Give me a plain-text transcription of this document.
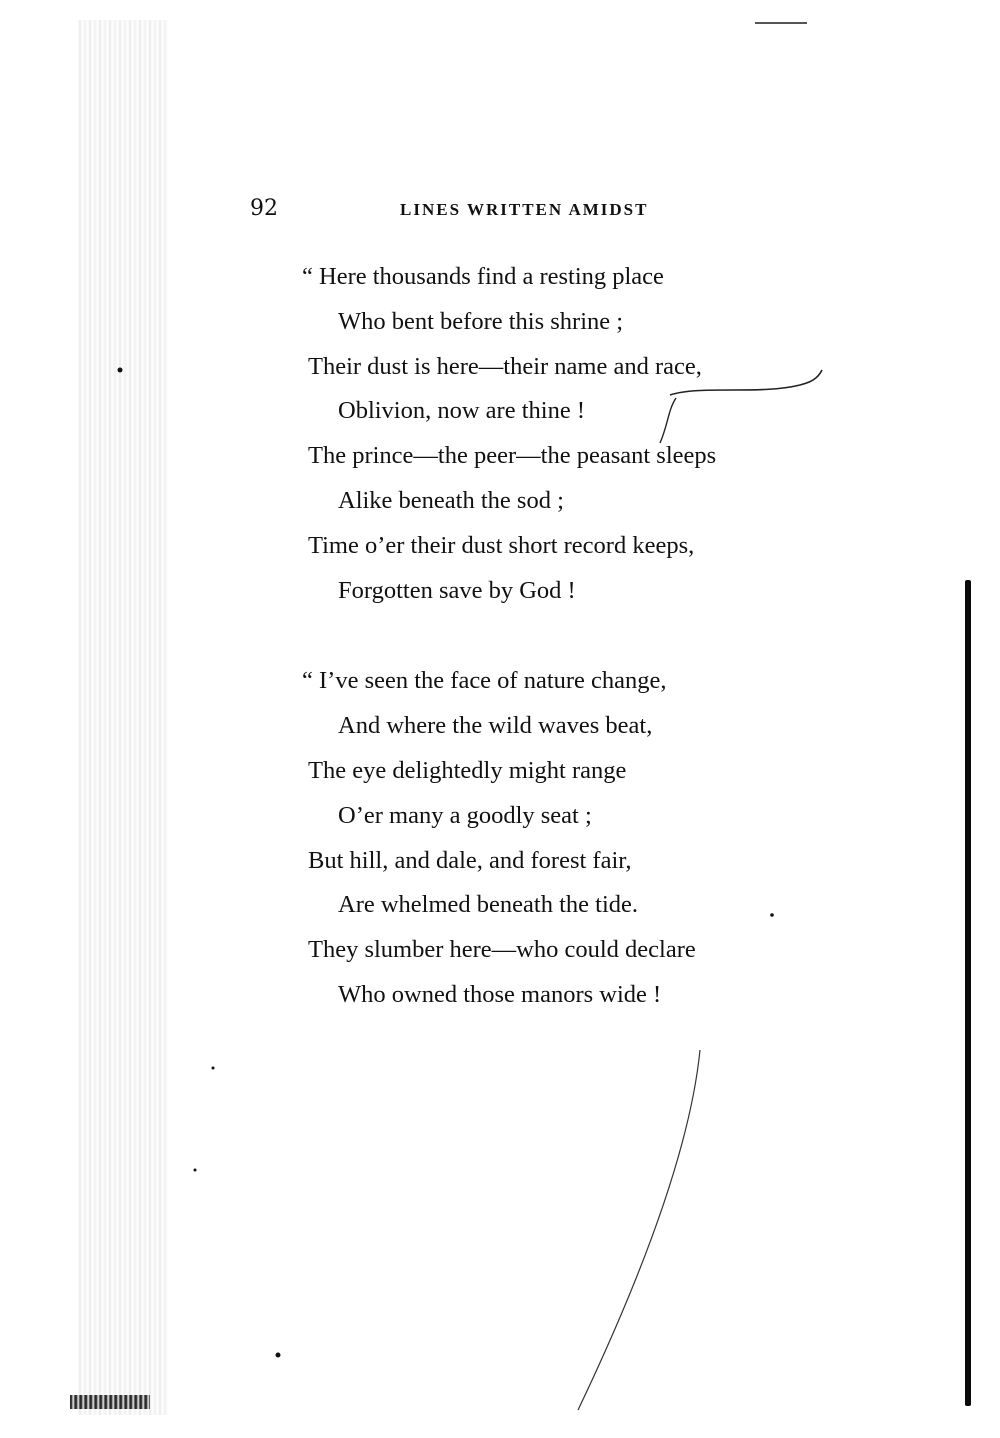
92	LINES WRITTEN AMIDST
“ Here thousands find a resting place
Who bent before this shrine ;
Their dust is here—their name and race,
Oblivion, now are thine !
The prince—the peer—the peasant sleeps
Alike beneath the sod ;
Time o’er their dust short record keeps,
Forgotten save by God !
“ I’ve seen the face of nature change,
And where the wild waves beat,
The eye delightedly might range
O’er many a goodly seat ;
But hill, and dale, and forest fair,
Are whelmed beneath the tide.
They slumber here—who could declare
Who owned those manors wide !
